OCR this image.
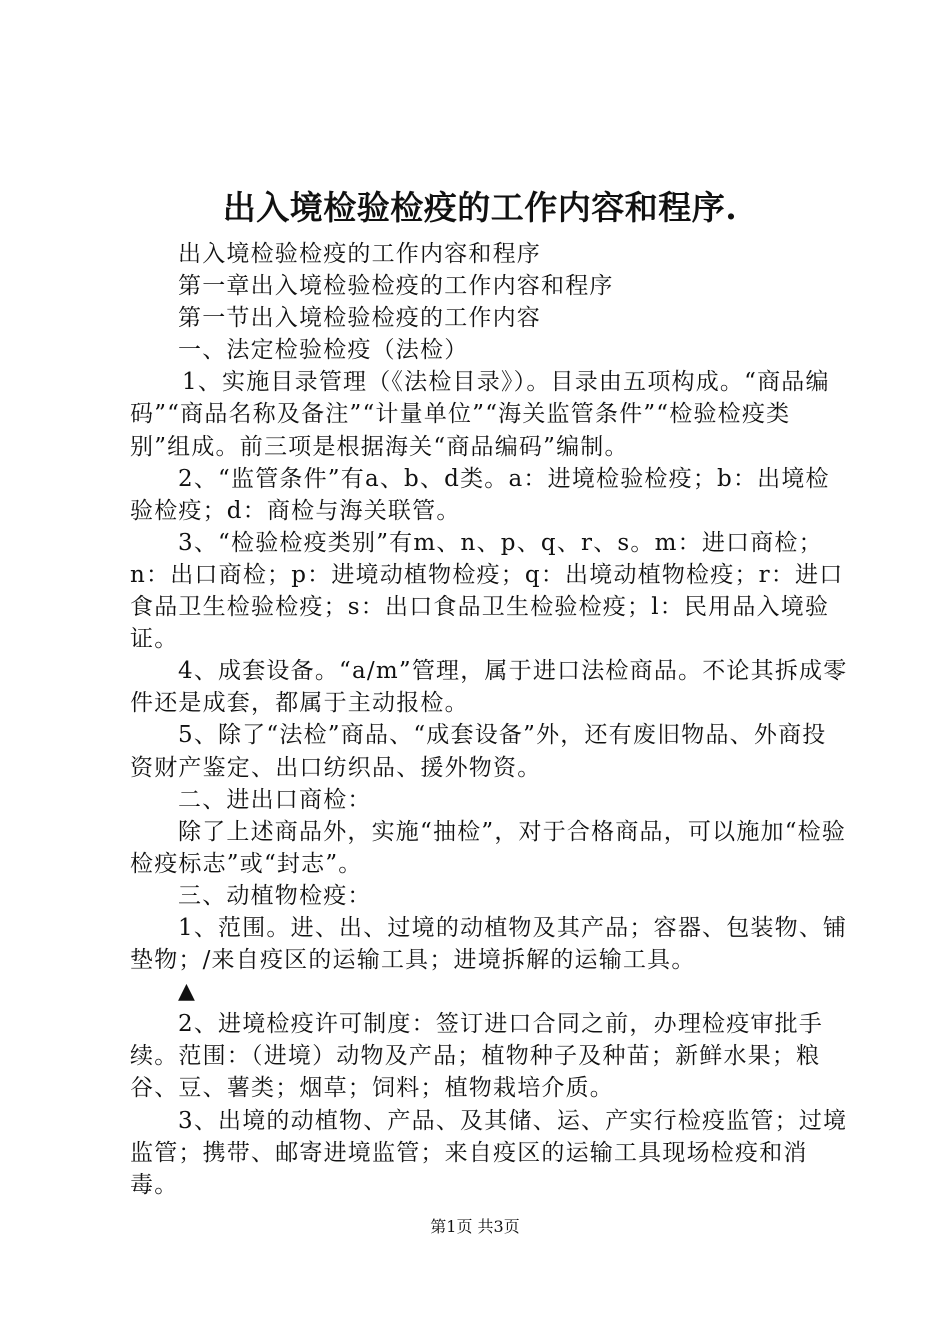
出入境检验检疫的工作内容和程序.

出入境检验检疫的工作内容和程序

第一章出入境检验检疫的工作内容和程序

第一节出入境检验检疫的工作内容

一、法定检验检疫（法检）

1、实施目录管理（《法检目录》）。目录由五项构成。“商品编码”“商品名称及备注”“计量单位”“海关监管条件”“检验检疫类别”组成。前三项是根据海关“商品编码”编制。

2、“监管条件”有a、b、d类。a：进境检验检疫；b：出境检验检疫；d：商检与海关联管。

3、“检验检疫类别”有m、n、p、q、r、s。m：进口商检；n：出口商检；p：进境动植物检疫；q：出境动植物检疫；r：进口食品卫生检验检疫；s：出口食品卫生检验检疫；l：民用品入境验证。

4、成套设备。“a/m”管理，属于进口法检商品。不论其拆成零件还是成套，都属于主动报检。

5、除了“法检”商品、“成套设备”外，还有废旧物品、外商投资财产鉴定、出口纺织品、援外物资。

二、进出口商检：

除了上述商品外，实施“抽检”，对于合格商品，可以施加“检验检疫标志”或“封志”。

三、动植物检疫：

1、范围。进、出、过境的动植物及其产品；容器、包装物、铺垫物；/来自疫区的运输工具；进境拆解的运输工具。

▲

2、进境检疫许可制度：签订进口合同之前，办理检疫审批手续。范围：（进境）动物及产品；植物种子及种苗；新鲜水果；粮谷、豆、薯类；烟草；饲料；植物栽培介质。

3、出境的动植物、产品、及其储、运、产实行检疫监管；过境监管；携带、邮寄进境监管；来自疫区的运输工具现场检疫和消毒。

第1页 共3页
